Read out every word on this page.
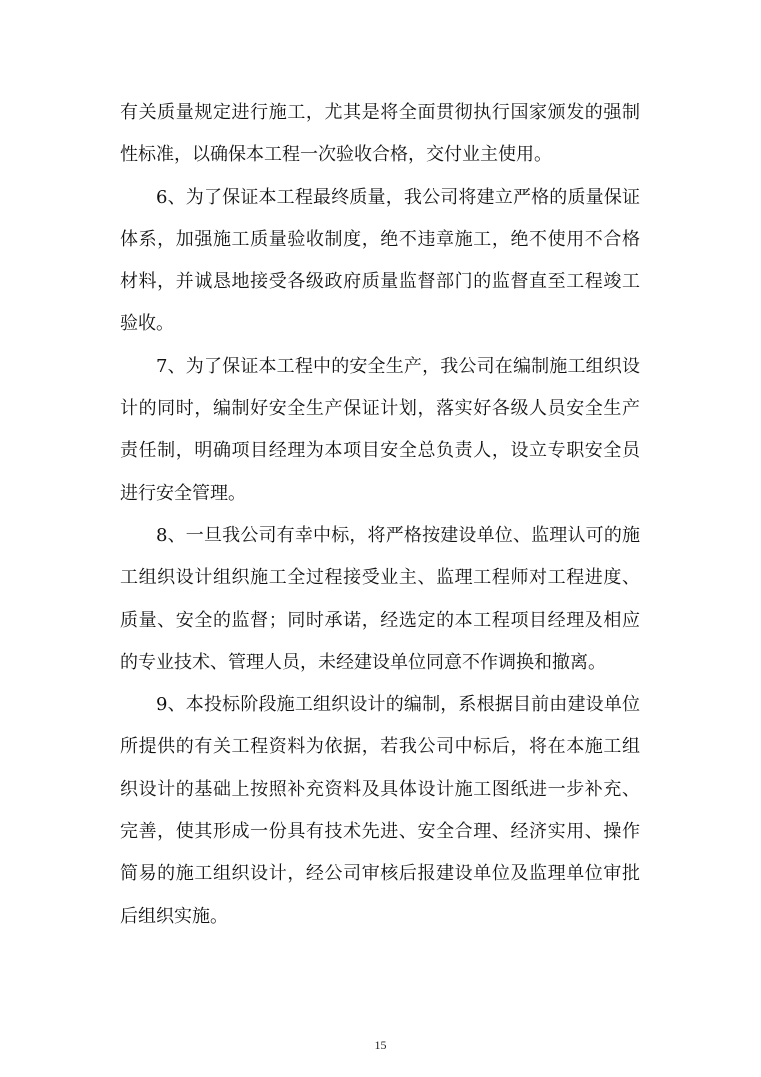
有关质量规定进行施工，尤其是将全面贯彻执行国家颁发的强制性标准，以确保本工程一次验收合格，交付业主使用。

6、为了保证本工程最终质量，我公司将建立严格的质量保证体系，加强施工质量验收制度，绝不违章施工，绝不使用不合格材料，并诚恳地接受各级政府质量监督部门的监督直至工程竣工验收。

7、为了保证本工程中的安全生产，我公司在编制施工组织设计的同时，编制好安全生产保证计划，落实好各级人员安全生产责任制，明确项目经理为本项目安全总负责人，设立专职安全员进行安全管理。

8、一旦我公司有幸中标，将严格按建设单位、监理认可的施工组织设计组织施工全过程接受业主、监理工程师对工程进度、质量、安全的监督；同时承诺，经选定的本工程项目经理及相应的专业技术、管理人员，未经建设单位同意不作调换和撤离。

9、本投标阶段施工组织设计的编制，系根据目前由建设单位所提供的有关工程资料为依据，若我公司中标后，将在本施工组织设计的基础上按照补充资料及具体设计施工图纸进一步补充、完善，使其形成一份具有技术先进、安全合理、经济实用、操作简易的施工组织设计，经公司审核后报建设单位及监理单位审批后组织实施。

15
